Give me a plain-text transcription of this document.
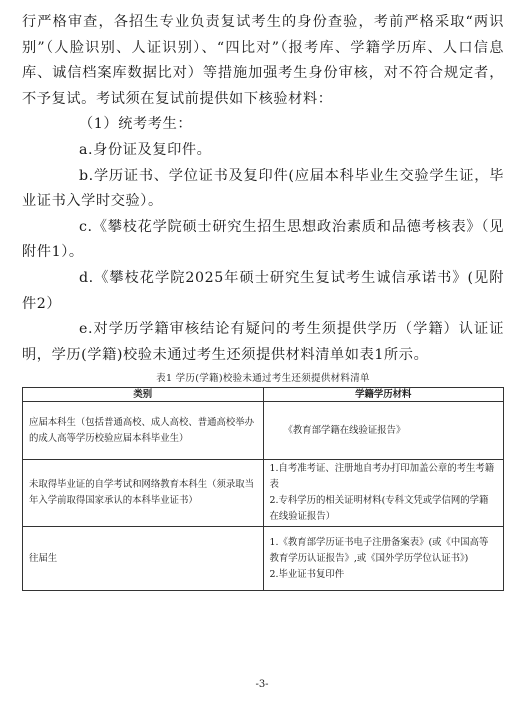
行严格审查，各招生专业负责复试考生的身份查验，考前严格采取“两识别”（人脸识别、人证识别）、“四比对”（报考库、学籍学历库、人口信息库、诚信档案库数据比对）等措施加强考生身份审核，对不符合规定者，不予复试。考试须在复试前提供如下核验材料：

（1）统考考生：

a.身份证及复印件。

b.学历证书、学位证书及复印件(应届本科毕业生交验学生证，毕业证书入学时交验）。

c.《攀枝花学院硕士研究生招生思想政治素质和品德考核表》（见附件1）。

d.《攀枝花学院2025年硕士研究生复试考生诚信承诺书》(见附件2）

e.对学历学籍审核结论有疑问的考生须提供学历（学籍）认证证明，学历(学籍)校验未通过考生还须提供材料清单如表1所示。

表1 学历(学籍)校验未通过考生还须提供材料清单
类别	学籍学历材料
应届本科生（包括普通高校、成人高校、普通高校举办的成人高等学历校验应届本科毕业生）	《教育部学籍在线验证报告》

未取得毕业证的自学考试和网络教育本科生（须录取当年入学前取得国家承认的本科毕业证书）	1.自考准考证、注册地自考办打印加盖公章的考生考籍表
2.专科学历的相关证明材料(专科文凭或学信网的学籍在线验证报告）

往届生	1.《教育部学历证书电子注册备案表》(或《中国高等教育学历认证报告》,或《国外学历学位认证书》)
2.毕业证书复印件
-3-
